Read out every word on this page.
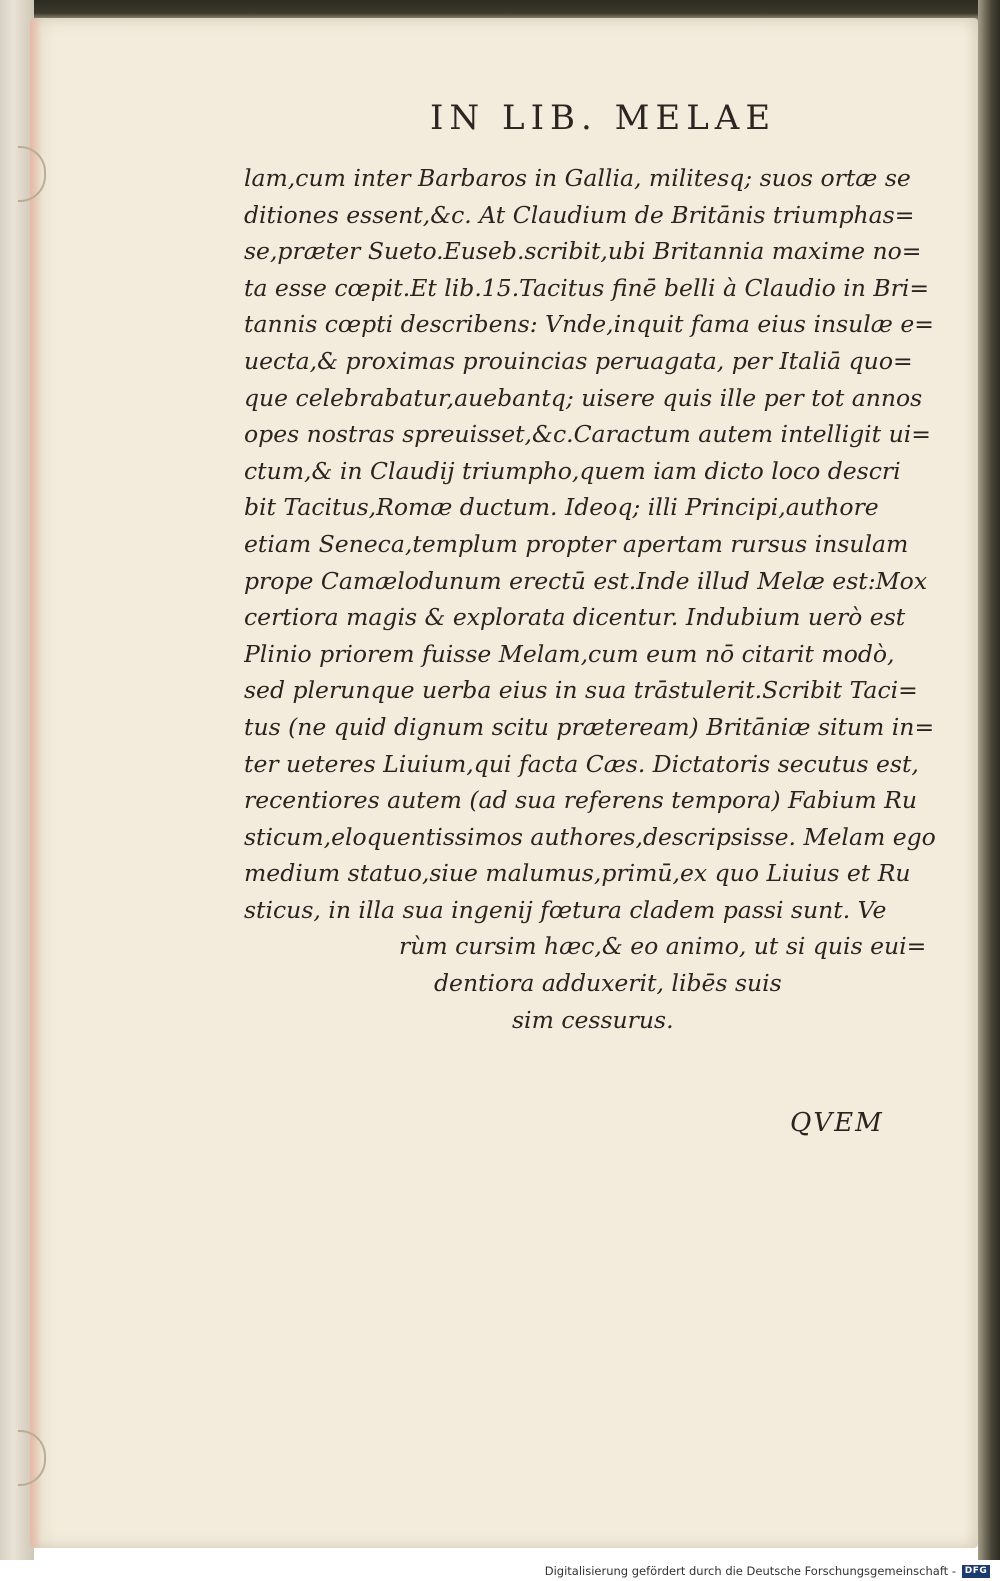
IN LIB. MELAE
lam,cum inter Barbaros in Gallia, militesq; suos ortæ se
ditiones essent,&c. At Claudium de Britānis triumphas=
se,præter Sueto.Euseb.scribit,ubi Britannia maxime no=
ta esse cœpit.Et lib.15.Tacitus finē belli à Claudio in Bri=
tannis cœpti describens: Vnde,inquit fama eius insulæ e=
uecta,& proximas prouincias peruagata, per Italiā quo=
que celebrabatur,auebantq; uisere quis ille per tot annos
opes nostras spreuisset,&c.Caractum autem intelligit ui=
ctum,& in Claudij triumpho,quem iam dicto loco descri
bit Tacitus,Romæ ductum. Ideoq; illi Principi,authore
etiam Seneca,templum propter apertam rursus insulam
prope Camælodunum erectū est.Inde illud Melæ est:Mox
certiora magis & explorata dicentur. Indubium uerò est
Plinio priorem fuisse Melam,cum eum nō citarit modò,
sed plerunque uerba eius in sua trāstulerit.Scribit Taci=
tus (ne quid dignum scitu præteream) Britāniæ situm in=
ter ueteres Liuium,qui facta Cæs. Dictatoris secutus est,
recentiores autem (ad sua referens tempora) Fabium Ru
sticum,eloquentissimos authores,descripsisse. Melam ego
medium statuo,siue malumus,primū,ex quo Liuius et Ru
sticus, in illa sua ingenij fœtura cladem passi sunt. Ve
rùm cursim hæc,& eo animo, ut si quis eui=
dentiora adduxerit, libēs suis
sim cessurus.
QVEM
Digitalisierung gefördert durch die Deutsche Forschungsgemeinschaft - DFG
